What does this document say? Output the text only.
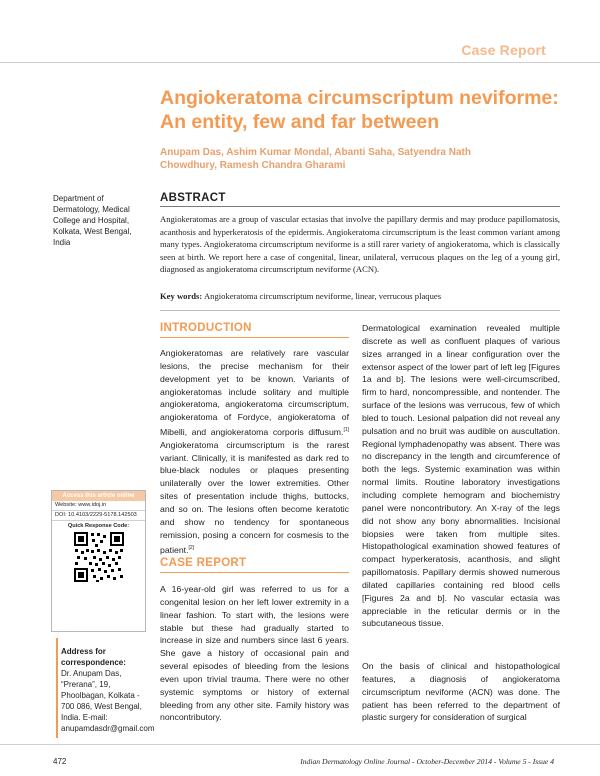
Case Report
Angiokeratoma circumscriptum neviforme: An entity, few and far between
Anupam Das, Ashim Kumar Mondal, Abanti Saha, Satyendra Nath Chowdhury, Ramesh Chandra Gharami
Department of Dermatology, Medical College and Hospital, Kolkata, West Bengal, India
ABSTRACT
Angiokeratomas are a group of vascular ectasias that involve the papillary dermis and may produce papillomatosis, acanthosis and hyperkeratosis of the epidermis. Angiokeratoma circumscriptum is the least common variant among many types. Angiokeratoma circumscriptum neviforme is a still rarer variety of angiokeratoma, which is classically seen at birth. We report here a case of congenital, linear, unilateral, verrucous plaques on the leg of a young girl, diagnosed as angiokeratoma circumscriptum neviforme (ACN).
Key words: Angiokeratoma circumscriptum neviforme, linear, verrucous plaques
INTRODUCTION
Angiokeratomas are relatively rare vascular lesions, the precise mechanism for their development yet to be known. Variants of angiokeratomas include solitary and multiple angiokeratoma, angiokeratoma circumscriptum, angiokeratoma of Fordyce, angiokeratoma of Mibelli, and angiokeratoma corporis diffusum.[1] Angiokeratoma circumscriptum is the rarest variant. Clinically, it is manifested as dark red to blue-black nodules or plaques presenting unilaterally over the lower extremities. Other sites of presentation include thighs, buttocks, and so on. The lesions often become keratotic and show no tendency for spontaneous remission, posing a concern for cosmesis to the patient.[2]
CASE REPORT
A 16-year-old girl was referred to us for a congenital lesion on her left lower extremity in a linear fashion. To start with, the lesions were stable but these had gradually started to increase in size and numbers since last 6 years. She gave a history of occasional pain and several episodes of bleeding from the lesions even upon trivial trauma. There were no other systemic symptoms or history of external bleeding from any other site. Family history was noncontributory.
Dermatological examination revealed multiple discrete as well as confluent plaques of various sizes arranged in a linear configuration over the extensor aspect of the lower part of left leg [Figures 1a and b]. The lesions were well-circumscribed, firm to hard, noncompressible, and nontender. The surface of the lesions was verrucous, few of which bled to touch. Lesional palpation did not reveal any pulsation and no bruit was audible on auscultation. Regional lymphadenopathy was absent. There was no discrepancy in the length and circumference of both the legs. Systemic examination was within normal limits. Routine laboratory investigations including complete hemogram and biochemistry panel were noncontributory. An X-ray of the legs did not show any bony abnormalities. Incisional biopsies were taken from multiple sites. Histopathological examination showed features of compact hyperkeratosis, acanthosis, and slight papillomatosis. Papillary dermis showed numerous dilated capillaries containing red blood cells [Figures 2a and b]. No vascular ectasia was appreciable in the reticular dermis or in the subcutaneous tissue.
On the basis of clinical and histopathological features, a diagnosis of angiokeratoma circumscriptum neviforme (ACN) was done. The patient has been referred to the department of plastic surgery for consideration of surgical
Access this article online
Website: www.idoj.in
DOI: 10.4103/2229-5178.142503
Quick Response Code:
Address for correspondence:
Dr. Anupam Das, “Prerana”, 19, Phoolbagan, Kolkata - 700 086, West Bengal, India. E-mail: anupamdasdr@gmail.com
472	Indian Dermatology Online Journal - October-December 2014 - Volume 5 - Issue 4
